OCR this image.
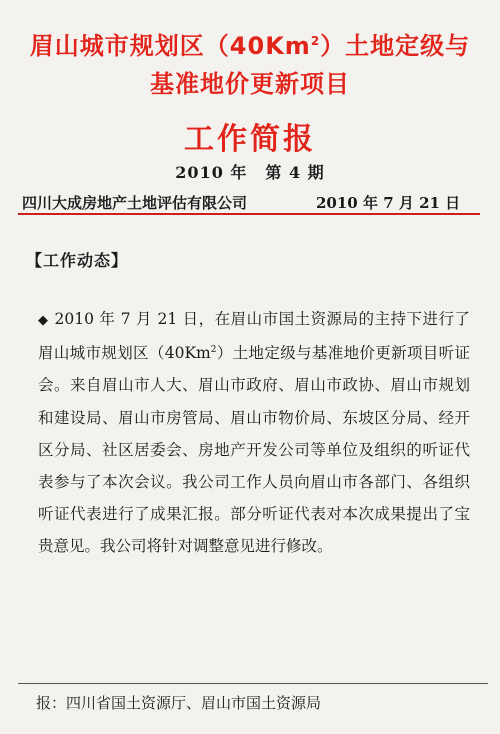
眉山城市规划区（40Km$^2$）土地定级与
基准地价更新项目
工作简报
2010 年 第 4 期
四川大成房地产土地评估有限公司	2010 年 7 月 21 日
【工作动态】
◆ 2010 年 7 月 21 日，在眉山市国土资源局的主持下进行了眉山城市规划区（40Km$^2$）土地定级与基准地价更新项目听证会。来自眉山市人大、眉山市政府、眉山市政协、眉山市规划和建设局、眉山市房管局、眉山市物价局、东坡区分局、经开区分局、社区居委会、房地产开发公司等单位及组织的听证代表参与了本次会议。我公司工作人员向眉山市各部门、各组织听证代表进行了成果汇报。部分听证代表对本次成果提出了宝贵意见。我公司将针对调整意见进行修改。
报：四川省国土资源厅、眉山市国土资源局
